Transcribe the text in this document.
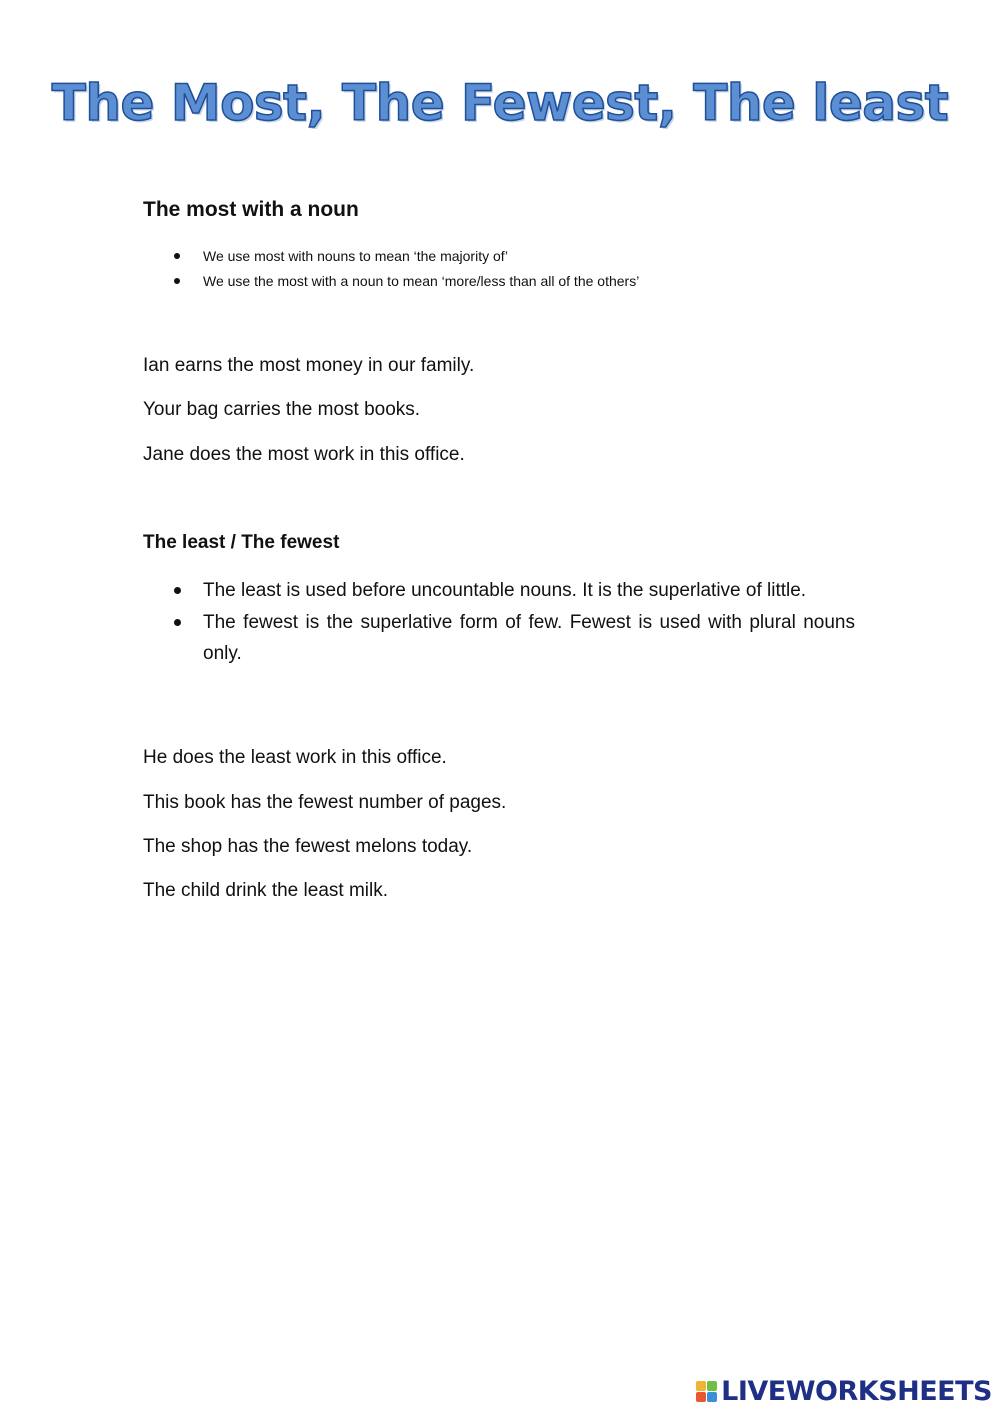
The Most, The Fewest, The least
The most with a noun
We use most with nouns to mean ‘the majority of’
We use the most with a noun to mean ‘more/less than all of the others’

Ian earns the most money in our family.

Your bag carries the most books.

Jane does the most work in this office.

The least / The fewest
The least is used before uncountable nouns. It is the superlative of little.
The fewest is the superlative form of few. Fewest is used with plural nouns only.

He does the least work in this office.

This book has the fewest number of pages.

The shop has the fewest melons today.

The child drink the least milk.

LIVEWORKSHEETS
